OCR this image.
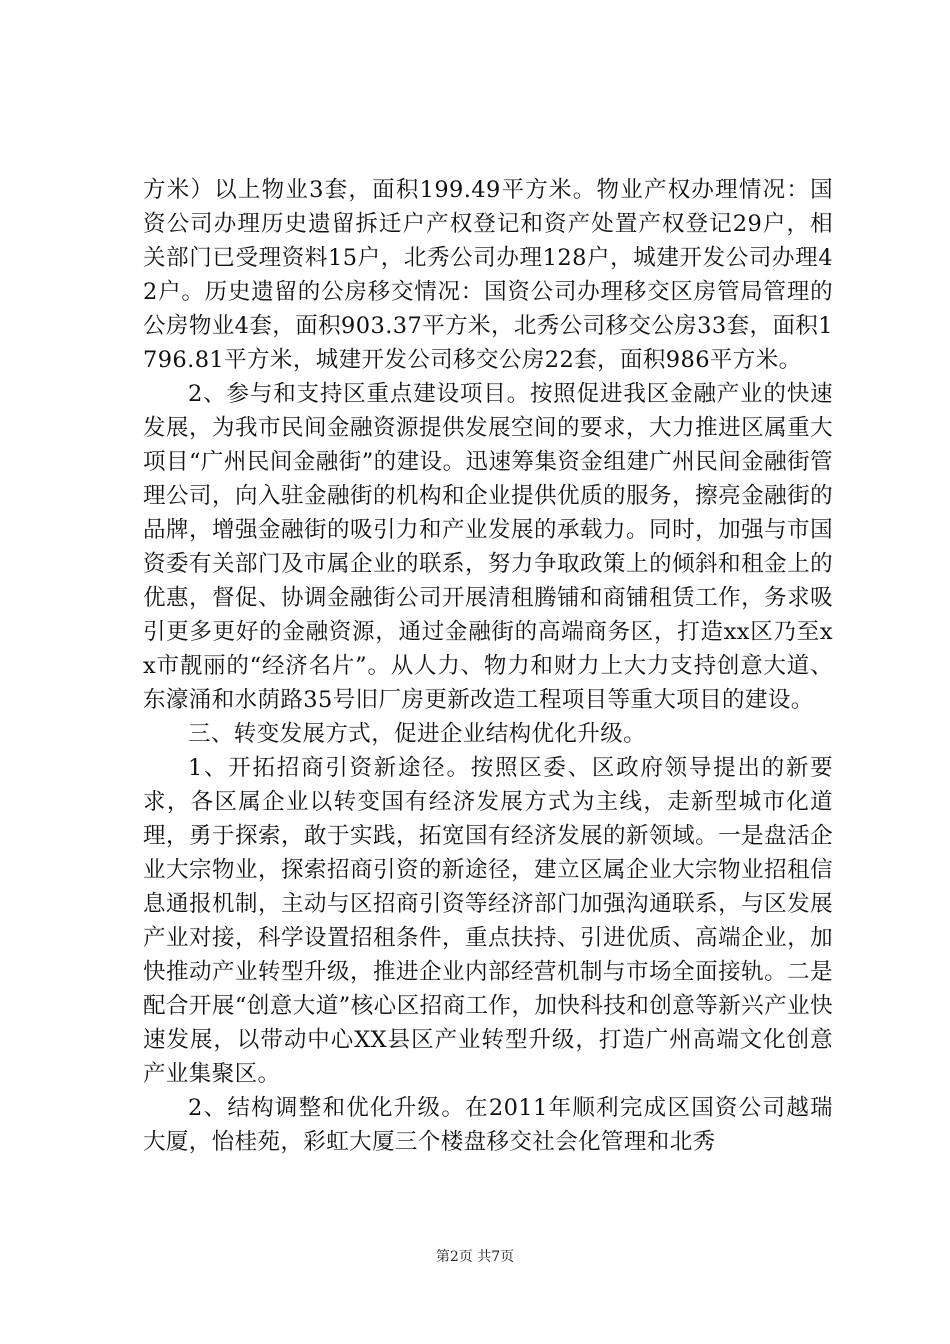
方米）以上物业3套，面积199.49平方米。物业产权办理情况：国资公司办理历史遗留拆迁户产权登记和资产处置产权登记29户，相关部门已受理资料15户，北秀公司办理128户，城建开发公司办理42户。历史遗留的公房移交情况：国资公司办理移交区房管局管理的公房物业4套，面积903.37平方米，北秀公司移交公房33套，面积1796.81平方米，城建开发公司移交公房22套，面积986平方米。

2、参与和支持区重点建设项目。按照促进我区金融产业的快速发展，为我市民间金融资源提供发展空间的要求，大力推进区属重大项目“广州民间金融街”的建设。迅速筹集资金组建广州民间金融街管理公司，向入驻金融街的机构和企业提供优质的服务，擦亮金融街的品牌，增强金融街的吸引力和产业发展的承载力。同时，加强与市国资委有关部门及市属企业的联系，努力争取政策上的倾斜和租金上的优惠，督促、协调金融街公司开展清租腾铺和商铺租赁工作，务求吸引更多更好的金融资源，通过金融街的高端商务区，打造xx区乃至xx市靓丽的“经济名片”。从人力、物力和财力上大力支持创意大道、东濠涌和水荫路35号旧厂房更新改造工程项目等重大项目的建设。

三、转变发展方式，促进企业结构优化升级。

1、开拓招商引资新途径。按照区委、区政府领导提出的新要求，各区属企业以转变国有经济发展方式为主线，走新型城市化道理，勇于探索，敢于实践，拓宽国有经济发展的新领域。一是盘活企业大宗物业，探索招商引资的新途径，建立区属企业大宗物业招租信息通报机制，主动与区招商引资等经济部门加强沟通联系，与区发展产业对接，科学设置招租条件，重点扶持、引进优质、高端企业，加快推动产业转型升级，推进企业内部经营机制与市场全面接轨。二是配合开展“创意大道”核心区招商工作，加快科技和创意等新兴产业快速发展，以带动中心XX县区产业转型升级，打造广州高端文化创意产业集聚区。

2、结构调整和优化升级。在2011年顺利完成区国资公司越瑞大厦，怡桂苑，彩虹大厦三个楼盘移交社会化管理和北秀

第2页 共7页
